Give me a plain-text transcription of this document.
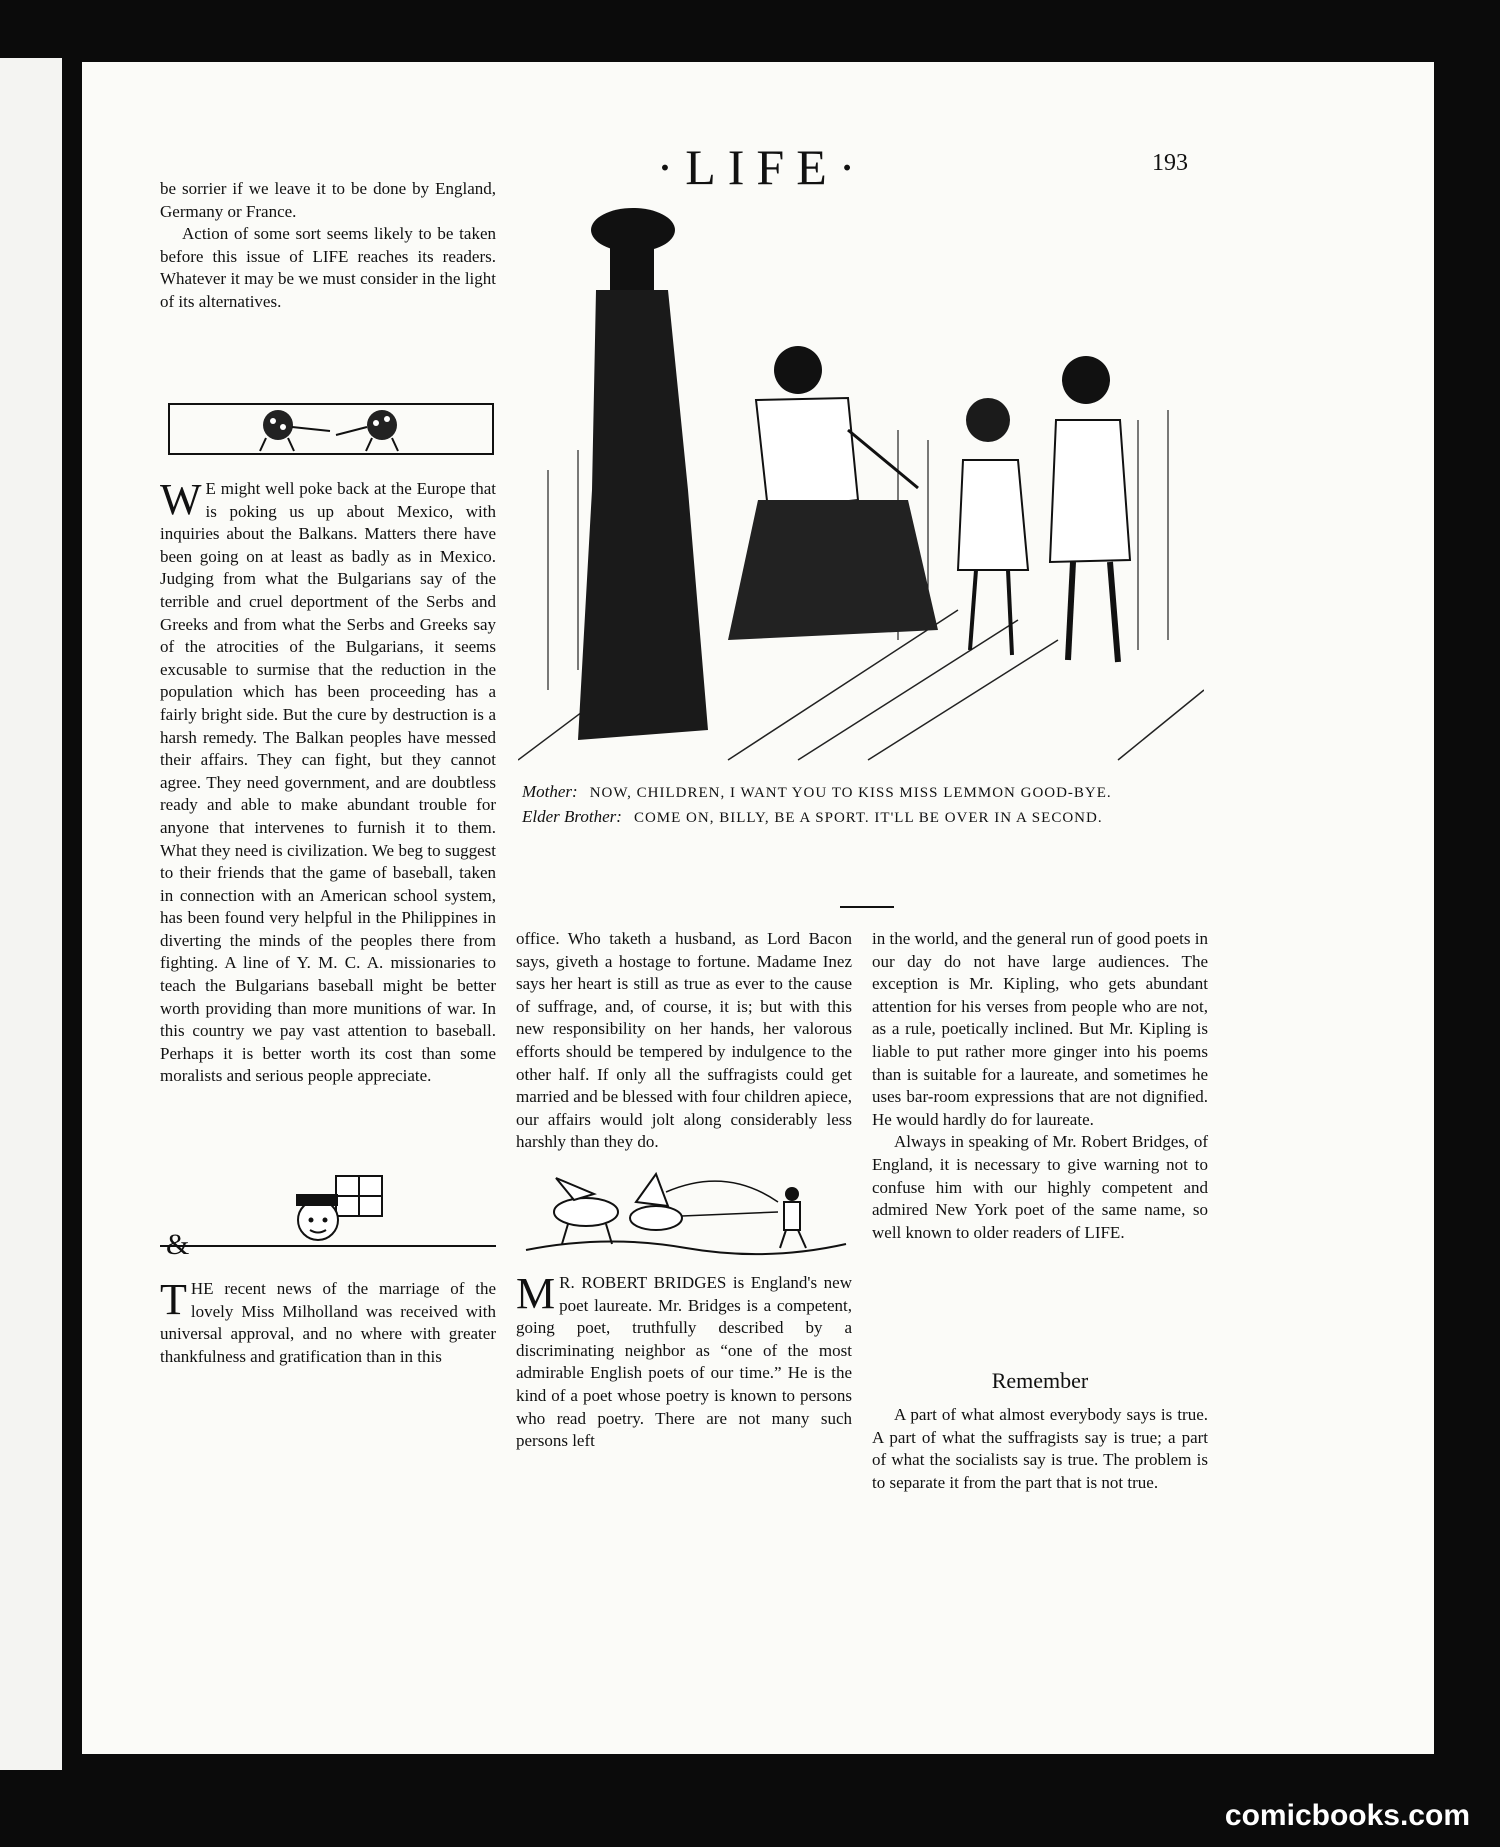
·LIFE·	193

be sorrier if we leave it to be done by England, Germany or France.

Action of some sort seems likely to be taken before this issue of LIFE reaches its readers. Whatever it may be we must consider in the light of its alternatives.

W E might well poke back at the Europe that is poking us up about Mexico, with inquiries about the Balkans. Matters there have been going on at least as badly as in Mexico. Judging from what the Bulgarians say of the terrible and cruel deportment of the Serbs and Greeks and from what the Serbs and Greeks say of the atrocities of the Bulgarians, it seems excusable to surmise that the reduction in the population which has been proceeding has a fairly bright side. But the cure by destruction is a harsh remedy. The Balkan peoples have messed their affairs. They can fight, but they cannot agree. They need government, and are doubtless ready and able to make abundant trouble for anyone that intervenes to furnish it to them. What they need is civilization. We beg to suggest to their friends that the game of baseball, taken in connection with an American school system, has been found very helpful in the Philippines in diverting the minds of the peoples there from fighting. A line of Y. M. C. A. missionaries to teach the Bulgarians baseball might be better worth providing than more munitions of war. In this country we pay vast attention to baseball. Perhaps it is better worth its cost than some moralists and serious people appreciate.

&
T HE recent news of the marriage of the lovely Miss Milholland was received with universal approval, and no where with greater thankfulness and gratification than in this

Mother: NOW, CHILDREN, I WANT YOU TO KISS MISS LEMMON GOOD-BYE.
Elder Brother: COME ON, BILLY, BE A SPORT. IT'LL BE OVER IN A SECOND.

office. Who taketh a husband, as Lord Bacon says, giveth a hostage to fortune. Madame Inez says her heart is still as true as ever to the cause of suffrage, and, of course, it is; but with this new responsibility on her hands, her valorous efforts should be tempered by indulgence to the other half. If only all the suffragists could get married and be blessed with four children apiece, our affairs would jolt along considerably less harshly than they do.

M R. ROBERT BRIDGES is England's new poet laureate. Mr. Bridges is a competent, going poet, truthfully described by a discriminating neighbor as “one of the most admirable English poets of our time.” He is the kind of a poet whose poetry is known to persons who read poetry. There are not many such persons left

in the world, and the general run of good poets in our day do not have large audiences. The exception is Mr. Kipling, who gets abundant attention for his verses from people who are not, as a rule, poetically inclined. But Mr. Kipling is liable to put rather more ginger into his poems than is suitable for a laureate, and sometimes he uses bar-room expressions that are not dignified. He would hardly do for laureate.

Always in speaking of Mr. Robert Bridges, of England, it is necessary to give warning not to confuse him with our highly competent and admired New York poet of the same name, so well known to older readers of LIFE.

Remember

A part of what almost everybody says is true. A part of what the suffragists say is true; a part of what the socialists say is true. The problem is to separate it from the part that is not true.

comicbooks.com
